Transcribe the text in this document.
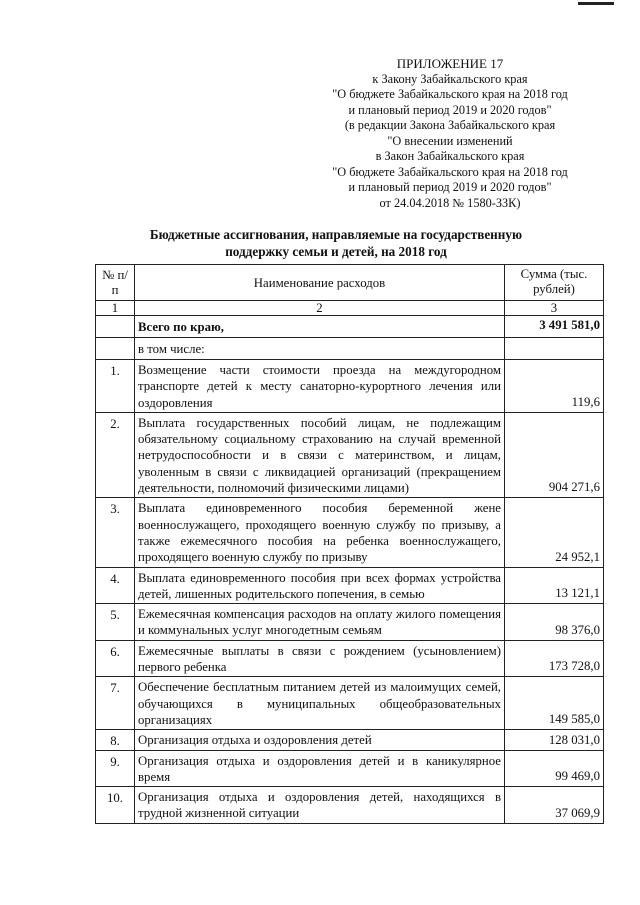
ПРИЛОЖЕНИЕ 17
к Закону Забайкальского края
"О бюджете Забайкальского края на 2018 год
и плановый период 2019 и 2020 годов"
(в редакции Закона Забайкальского края
"О внесении изменений
в Закон Забайкальского края
"О бюджете Забайкальского края на 2018 год
и плановый период 2019 и 2020 годов"
от 24.04.2018 № 1580-ЗЗК)
Бюджетные ассигнования, направляемые на государственную
поддержку семьи и детей, на 2018 год
№ п/п	Наименование расходов	Сумма (тыс. рублей)
1	2	3
	Всего по краю,	3 491 581,0
	в том числе:	
1.	Возмещение части стоимости проезда на междугородном транспорте детей к месту санаторно-курортного лечения или оздоровления	119,6
2.	Выплата государственных пособий лицам, не подлежащим обязательному социальному страхованию на случай временной нетрудоспособности и в связи с материнством, и лицам, уволенным в связи с ликвидацией организаций (прекращением деятельности, полномочий физическими лицами)	904 271,6
3.	Выплата единовременного пособия беременной жене военнослужащего, проходящего военную службу по призыву, а также ежемесячного пособия на ребенка военнослужащего, проходящего военную службу по призыву	24 952,1
4.	Выплата единовременного пособия при всех формах устройства детей, лишенных родительского попечения, в семью	13 121,1
5.	Ежемесячная компенсация расходов на оплату жилого помещения и коммунальных услуг многодетным семьям	98 376,0
6.	Ежемесячные выплаты в связи с рождением (усыновлением) первого ребенка	173 728,0
7.	Обеспечение бесплатным питанием детей из малоимущих семей, обучающихся в муниципальных общеобразовательных организациях	149 585,0
8.	Организация отдыха и оздоровления детей	128 031,0
9.	Организация отдыха и оздоровления детей и в каникулярное время	99 469,0
10.	Организация отдыха и оздоровления детей, находящихся в трудной жизненной ситуации	37 069,9
